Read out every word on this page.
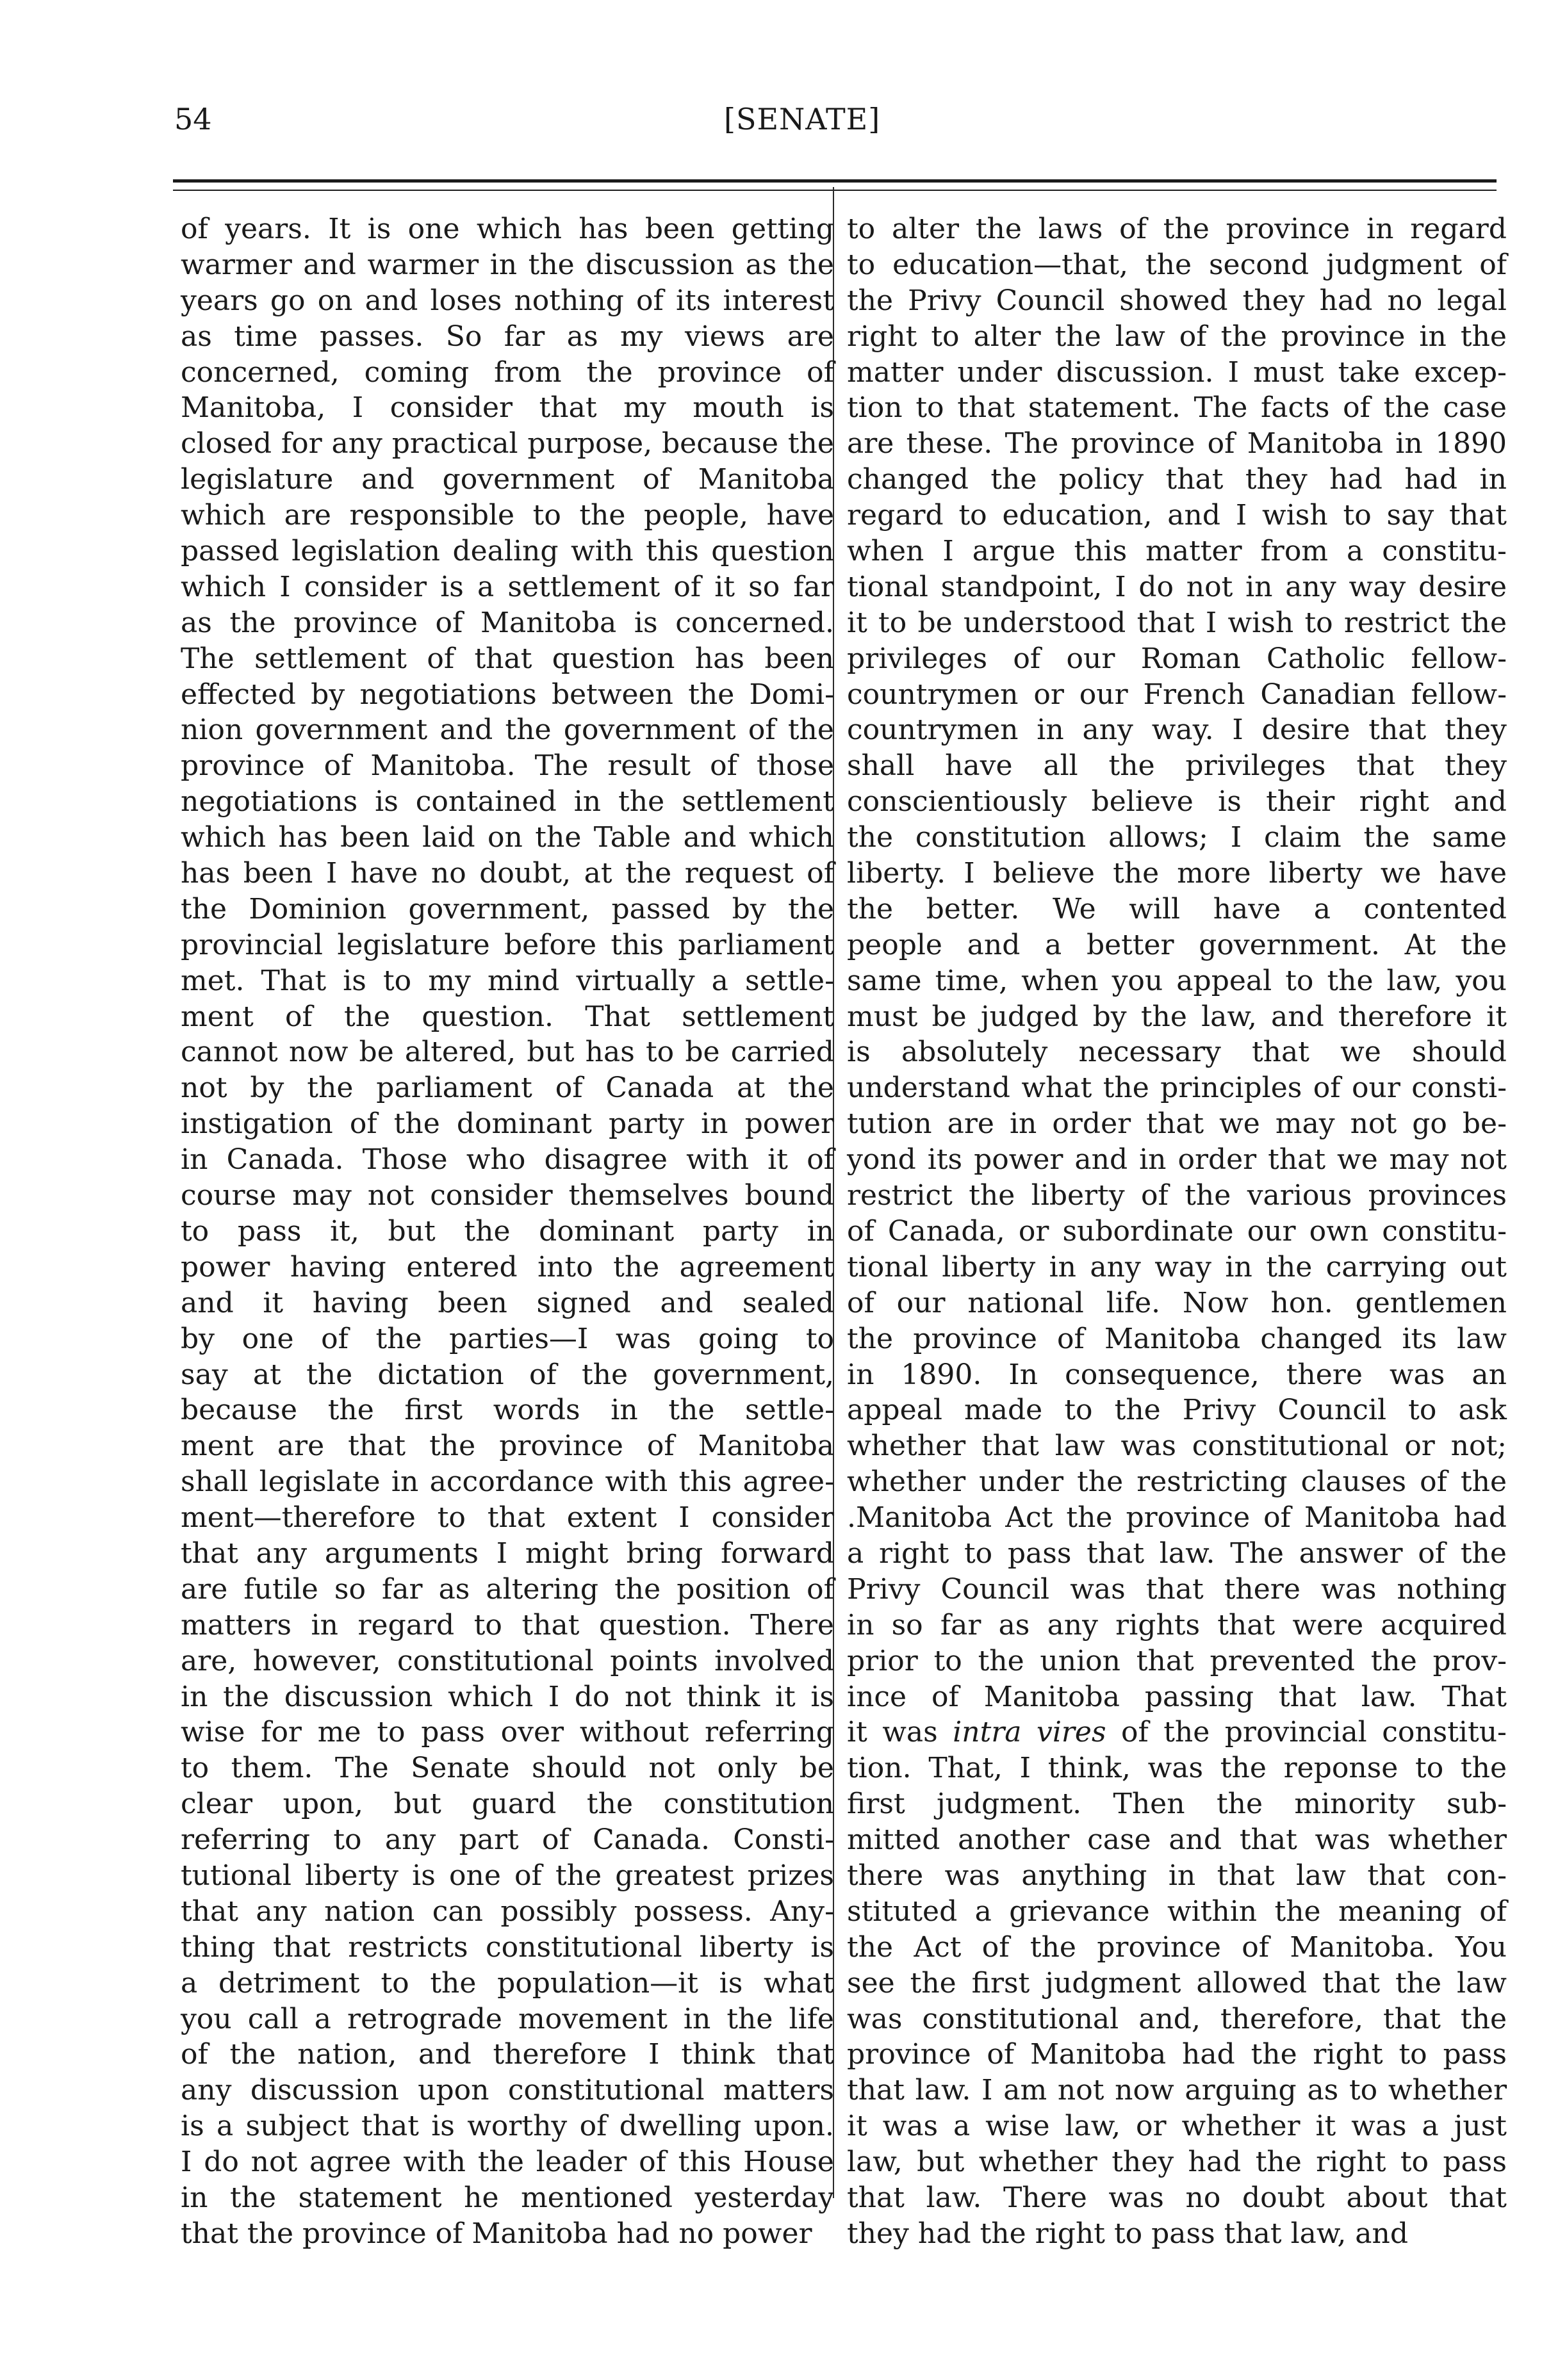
54	[SENATE]
of years. It is one which has been getting
warmer and warmer in the discussion as the
years go on and loses nothing of its interest
as time passes. So far as my views are
concerned, coming from the province of
Manitoba, I consider that my mouth is
closed for any practical purpose, because the
legislature and government of Manitoba
which are responsible to the people, have
passed legislation dealing with this question
which I consider is a settlement of it so far
as the province of Manitoba is concerned.
The settlement of that question has been
effected by negotiations between the Domi-
nion government and the government of the
province of Manitoba. The result of those
negotiations is contained in the settlement
which has been laid on the Table and which
has been I have no doubt, at the request of
the Dominion government, passed by the
provincial legislature before this parliament
met. That is to my mind virtually a settle-
ment of the question. That settlement
cannot now be altered, but has to be carried
not by the parliament of Canada at the
instigation of the dominant party in power
in Canada. Those who disagree with it of
course may not consider themselves bound
to pass it, but the dominant party in
power having entered into the agreement
and it having been signed and sealed
by one of the parties—I was going to
say at the dictation of the government,
because the first words in the settle-
ment are that the province of Manitoba
shall legislate in accordance with this agree-
ment—therefore to that extent I consider
that any arguments I might bring forward
are futile so far as altering the position of
matters in regard to that question. There
are, however, constitutional points involved
in the discussion which I do not think it is
wise for me to pass over without referring
to them. The Senate should not only be
clear upon, but guard the constitution
referring to any part of Canada. Consti-
tutional liberty is one of the greatest prizes
that any nation can possibly possess. Any-
thing that restricts constitutional liberty is
a detriment to the population—it is what
you call a retrograde movement in the life
of the nation, and therefore I think that
any discussion upon constitutional matters
is a subject that is worthy of dwelling upon.
I do not agree with the leader of this House
in the statement he mentioned yesterday
that the province of Manitoba had no power
to alter the laws of the province in regard
to education—that, the second judgment of
the Privy Council showed they had no legal
right to alter the law of the province in the
matter under discussion. I must take excep-
tion to that statement. The facts of the case
are these. The province of Manitoba in 1890
changed the policy that they had had in
regard to education, and I wish to say that
when I argue this matter from a constitu-
tional standpoint, I do not in any way desire
it to be understood that I wish to restrict the
privileges of our Roman Catholic fellow-
countrymen or our French Canadian fellow-
countrymen in any way. I desire that they
shall have all the privileges that they
conscientiously believe is their right and
the constitution allows; I claim the same
liberty. I believe the more liberty we have
the better. We will have a contented
people and a better government. At the
same time, when you appeal to the law, you
must be judged by the law, and therefore it
is absolutely necessary that we should
understand what the principles of our consti-
tution are in order that we may not go be-
yond its power and in order that we may not
restrict the liberty of the various provinces
of Canada, or subordinate our own constitu-
tional liberty in any way in the carrying out
of our national life. Now hon. gentlemen
the province of Manitoba changed its law
in 1890. In consequence, there was an
appeal made to the Privy Council to ask
whether that law was constitutional or not;
whether under the restricting clauses of the
.Manitoba Act the province of Manitoba had
a right to pass that law. The answer of the
Privy Council was that there was nothing
in so far as any rights that were acquired
prior to the union that prevented the prov-
ince of Manitoba passing that law. That
it was intra vires of the provincial constitu-
tion. That, I think, was the reponse to the
first judgment. Then the minority sub-
mitted another case and that was whether
there was anything in that law that con-
stituted a grievance within the meaning of
the Act of the province of Manitoba. You
see the first judgment allowed that the law
was constitutional and, therefore, that the
province of Manitoba had the right to pass
that law. I am not now arguing as to whether
it was a wise law, or whether it was a just
law, but whether they had the right to pass
that law. There was no doubt about that
they had the right to pass that law, and
